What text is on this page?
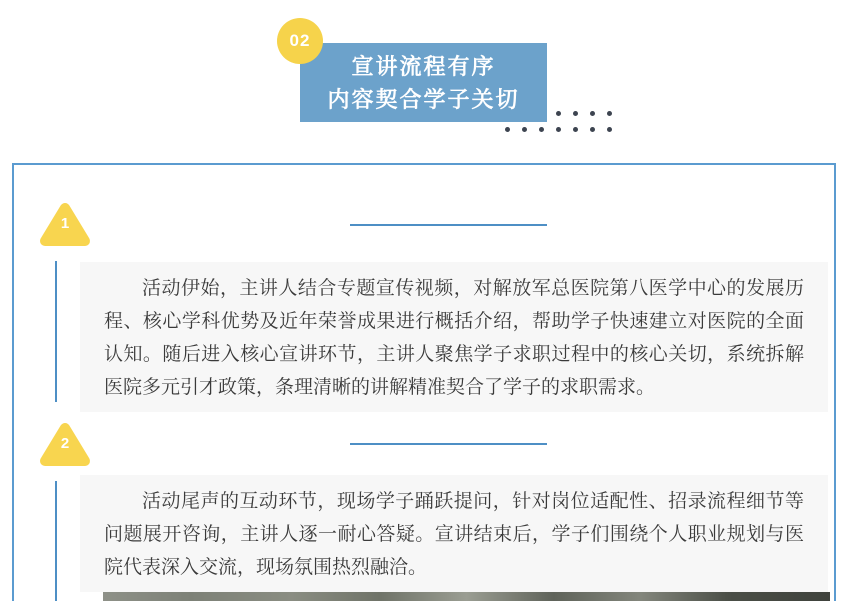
宣讲流程有序
内容契合学子关切
02
1
活动伊始，主讲人结合专题宣传视频，对解放军总医院第八医学中心的发展历程、核心学科优势及近年荣誉成果进行概括介绍，帮助学子快速建立对医院的全面认知。随后进入核心宣讲环节，主讲人聚焦学子求职过程中的核心关切，系统拆解医院多元引才政策，条理清晰的讲解精准契合了学子的求职需求。
2
活动尾声的互动环节，现场学子踊跃提问，针对岗位适配性、招录流程细节等问题展开咨询，主讲人逐一耐心答疑。宣讲结束后，学子们围绕个人职业规划与医院代表深入交流，现场氛围热烈融洽。
